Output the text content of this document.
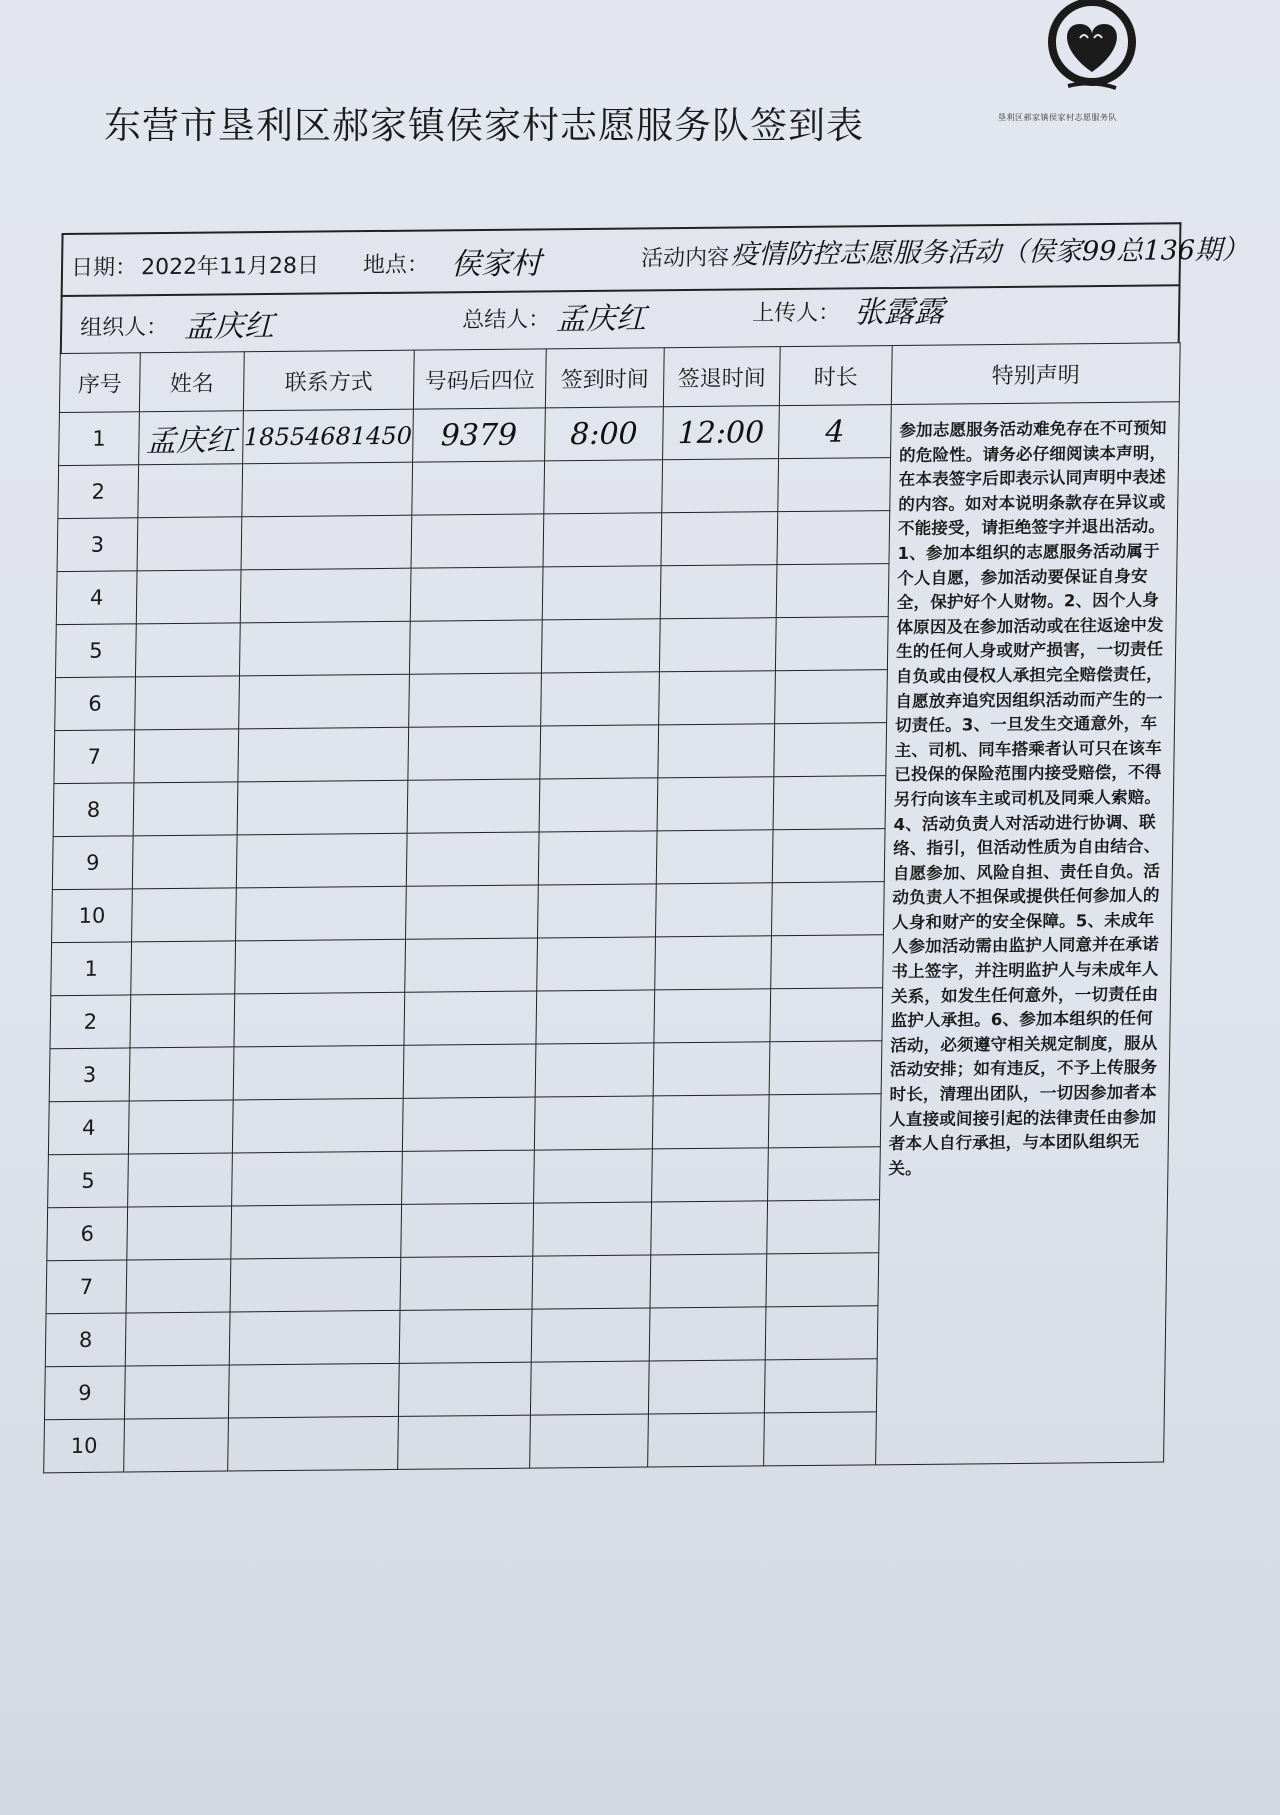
东营市垦利区郝家镇侯家村志愿服务队签到表	垦利区郝家镇侯家村志愿服务队
日期： 2022年11月28日 地点： 侯家村	活动内容 疫情防控志愿服务活动（侯家99总136期）
组织人： 孟庆红	总结人： 孟庆红	上传人： 张露露
序号	姓名	联系方式	号码后四位	签到时间	签退时间	时长	特别声明
1	孟庆红	18554681450	9379	8:00	12:00	4	参加志愿服务活动难免存在不可预知的危险性。请务必仔细阅读本声明，在本表签字后即表示认同声明中表述的内容。如对本说明条款存在异议或不能接受，请拒绝签字并退出活动。1、参加本组织的志愿服务活动属于个人自愿，参加活动要保证自身安全，保护好个人财物。2、因个人身体原因及在参加活动或在往返途中发生的任何人身或财产损害，一切责任自负或由侵权人承担完全赔偿责任，自愿放弃追究因组织活动而产生的一切责任。3、一旦发生交通意外，车主、司机、同车搭乘者认可只在该车已投保的保险范围内接受赔偿，不得另行向该车主或司机及同乘人索赔。4、活动负责人对活动进行协调、联络、指引，但活动性质为自由结合、自愿参加、风险自担、责任自负。活动负责人不担保或提供任何参加人的人身和财产的安全保障。5、未成年人参加活动需由监护人同意并在承诺书上签字，并注明监护人与未成年人关系，如发生任何意外，一切责任由监护人承担。6、参加本组织的任何活动，必须遵守相关规定制度，服从活动安排；如有违反，不予上传服务时长，清理出团队，一切因参加者本人直接或间接引起的法律责任由参加者本人自行承担，与本团队组织无关。
2							
3							
4							
5							
6							
7							
8							
9							
10							
1							
2							
3							
4							
5							
6							
7							
8							
9							
10							
